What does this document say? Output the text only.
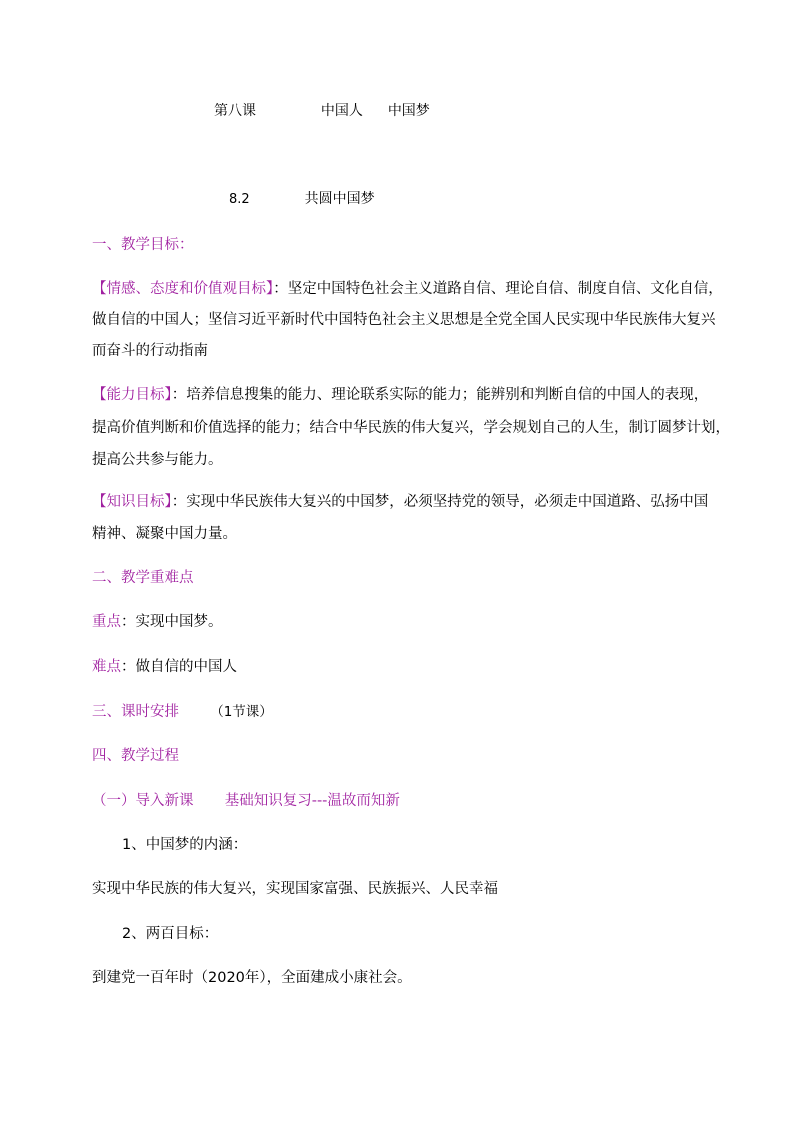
第八课	中国人 中国梦
8.2	共圆中国梦
一、教学目标：
【情感、态度和价值观目标】：坚定中国特色社会主义道路自信、理论自信、制度自信、文化自信，
做自信的中国人；坚信习近平新时代中国特色社会主义思想是全党全国人民实现中华民族伟大复兴
而奋斗的行动指南
【能力目标】：培养信息搜集的能力、理论联系实际的能力；能辨别和判断自信的中国人的表现，
提高价值判断和价值选择的能力；结合中华民族的伟大复兴，学会规划自己的人生，制订圆梦计划，
提高公共参与能力。
【知识目标】：实现中华民族伟大复兴的中国梦，必须坚持党的领导，必须走中国道路、弘扬中国
精神、凝聚中国力量。
二、教学重难点
重点：实现中国梦。
难点：做自信的中国人
三、课时安排 （1节课）
四、教学过程
（一）导入新课 基础知识复习---温故而知新
1、中国梦的内涵：
实现中华民族的伟大复兴，实现国家富强、民族振兴、人民幸福
2、两百目标：
到建党一百年时（2020年），全面建成小康社会。
